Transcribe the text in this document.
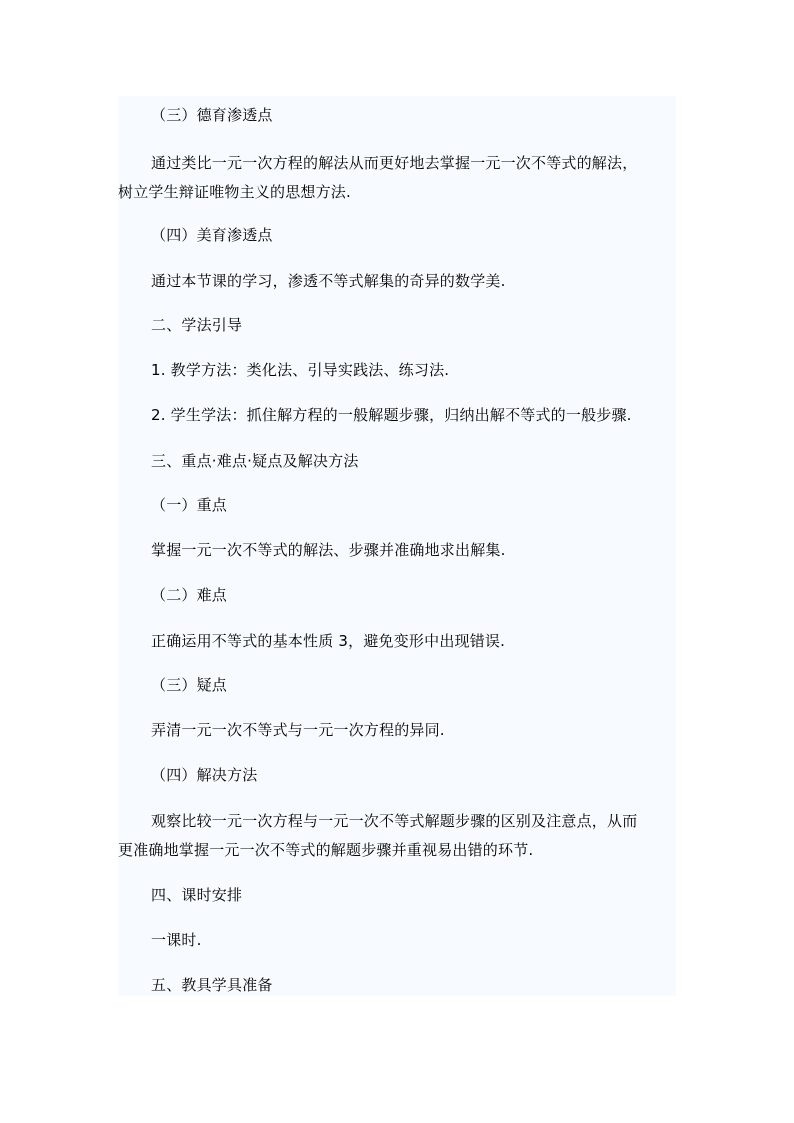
（三）德育渗透点
通过类比一元一次方程的解法从而更好地去掌握一元一次不等式的解法，
树立学生辩证唯物主义的思想方法.
（四）美育渗透点
通过本节课的学习，渗透不等式解集的奇异的数学美.
二、学法引导
1. 教学方法：类化法、引导实践法、练习法.
2. 学生学法：抓住解方程的一般解题步骤，归纳出解不等式的一般步骤.
三、重点·难点·疑点及解决方法
（一）重点
掌握一元一次不等式的解法、步骤并准确地求出解集.
（二）难点
正确运用不等式的基本性质 3，避免变形中出现错误.
（三）疑点
弄清一元一次不等式与一元一次方程的异同.
（四）解决方法
观察比较一元一次方程与一元一次不等式解题步骤的区别及注意点，从而
更准确地掌握一元一次不等式的解题步骤并重视易出错的环节.
四、课时安排
一课时.
五、教具学具准备
